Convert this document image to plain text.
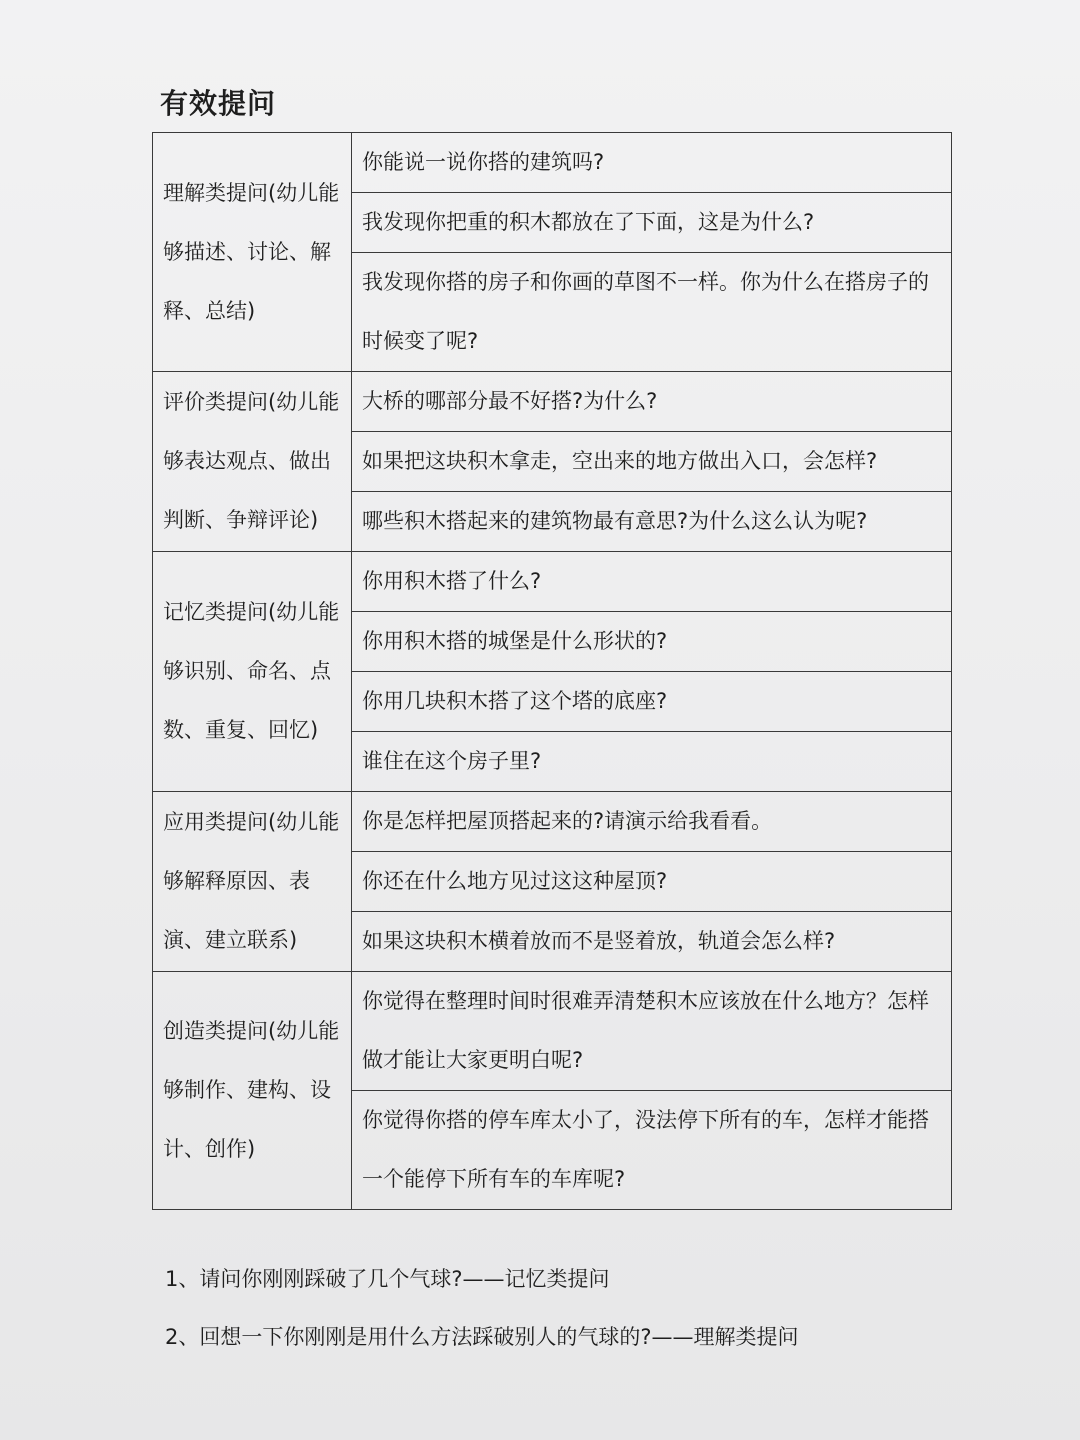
有效提问
理解类提问(幼儿能够描述、讨论、解释、总结)	你能说一说你搭的建筑吗?
	我发现你把重的积木都放在了下面，这是为什么?
	我发现你搭的房子和你画的草图不一样。你为什么在搭房子的时候变了呢?
评价类提问(幼儿能够表达观点、做出判断、争辩评论)	大桥的哪部分最不好搭?为什么?
	如果把这块积木拿走，空出来的地方做出入口，会怎样?
	哪些积木搭起来的建筑物最有意思?为什么这么认为呢?
记忆类提问(幼儿能够识别、命名、点数、重复、回忆)	你用积木搭了什么?
	你用积木搭的城堡是什么形状的?
	你用几块积木搭了这个塔的底座?
	谁住在这个房子里?
应用类提问(幼儿能够解释原因、表演、建立联系)	你是怎样把屋顶搭起来的?请演示给我看看。
	你还在什么地方见过这这种屋顶?
	如果这块积木横着放而不是竖着放，轨道会怎么样?
创造类提问(幼儿能够制作、建构、设计、创作)	你觉得在整理时间时很难弄清楚积木应该放在什么地方？怎样做才能让大家更明白呢?
	你觉得你搭的停车库太小了，没法停下所有的车，怎样才能搭一个能停下所有车的车库呢?
1、请问你刚刚踩破了几个气球?——记忆类提问
2、回想一下你刚刚是用什么方法踩破别人的气球的?——理解类提问
